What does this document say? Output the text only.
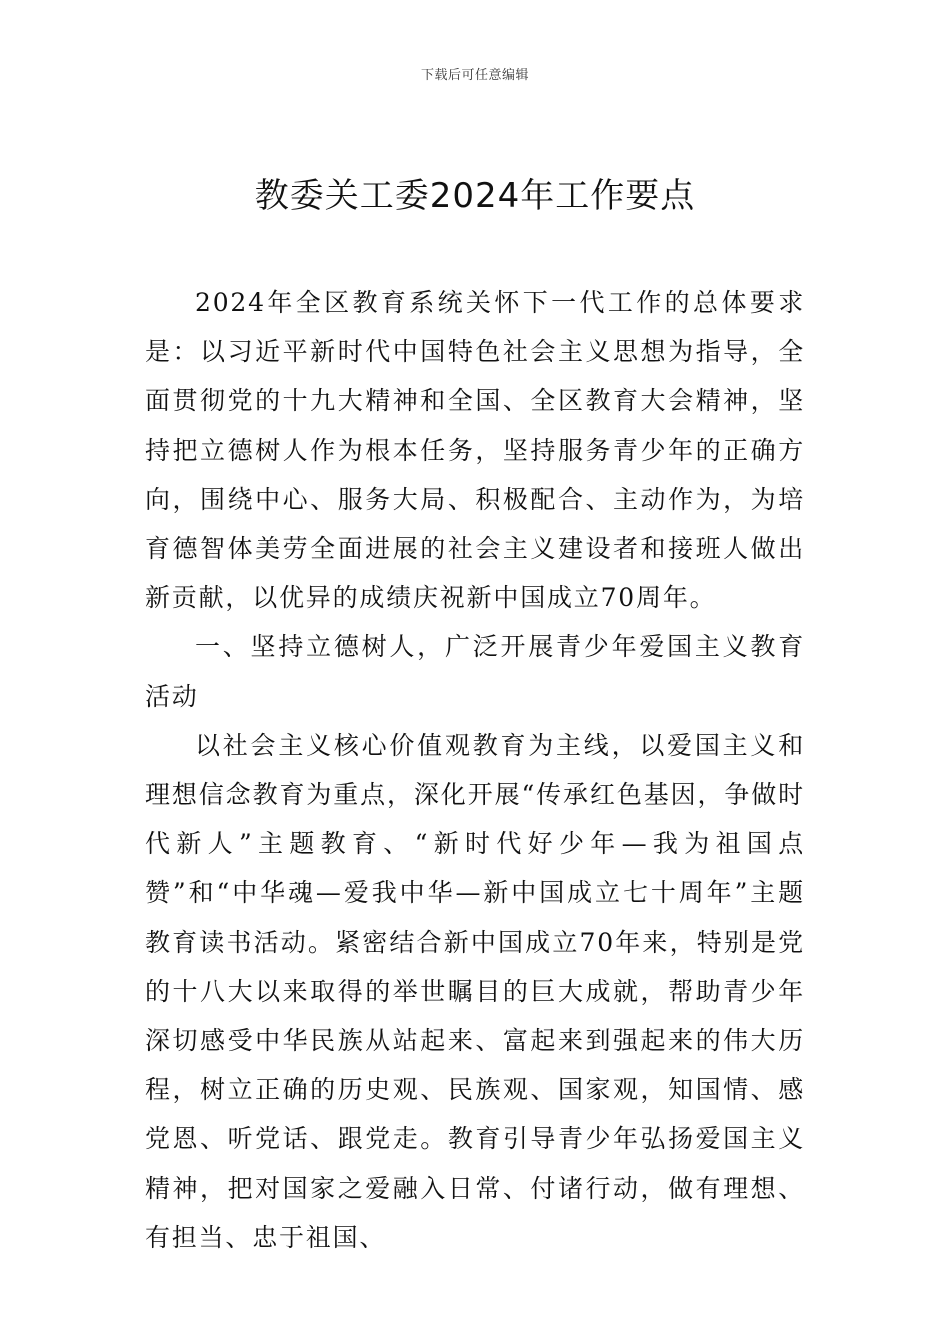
下载后可任意编辑
教委关工委2024年工作要点

2024年全区教育系统关怀下一代工作的总体要求是：以习近平新时代中国特色社会主义思想为指导，全面贯彻党的十九大精神和全国、全区教育大会精神，坚持把立德树人作为根本任务，坚持服务青少年的正确方向，围绕中心、服务大局、积极配合、主动作为，为培育德智体美劳全面进展的社会主义建设者和接班人做出新贡献，以优异的成绩庆祝新中国成立70周年。

一、坚持立德树人，广泛开展青少年爱国主义教育活动

以社会主义核心价值观教育为主线，以爱国主义和理想信念教育为重点，深化开展“传承红色基因，争做时代新人”主题教育、“新时代好少年—我为祖国点赞”和“中华魂—爱我中华—新中国成立七十周年”主题教育读书活动。紧密结合新中国成立70年来，特别是党的十八大以来取得的举世瞩目的巨大成就，帮助青少年深切感受中华民族从站起来、富起来到强起来的伟大历程，树立正确的历史观、民族观、国家观，知国情、感党恩、听党话、跟党走。教育引导青少年弘扬爱国主义精神，把对国家之爱融入日常、付诸行动，做有理想、有担当、忠于祖国、
